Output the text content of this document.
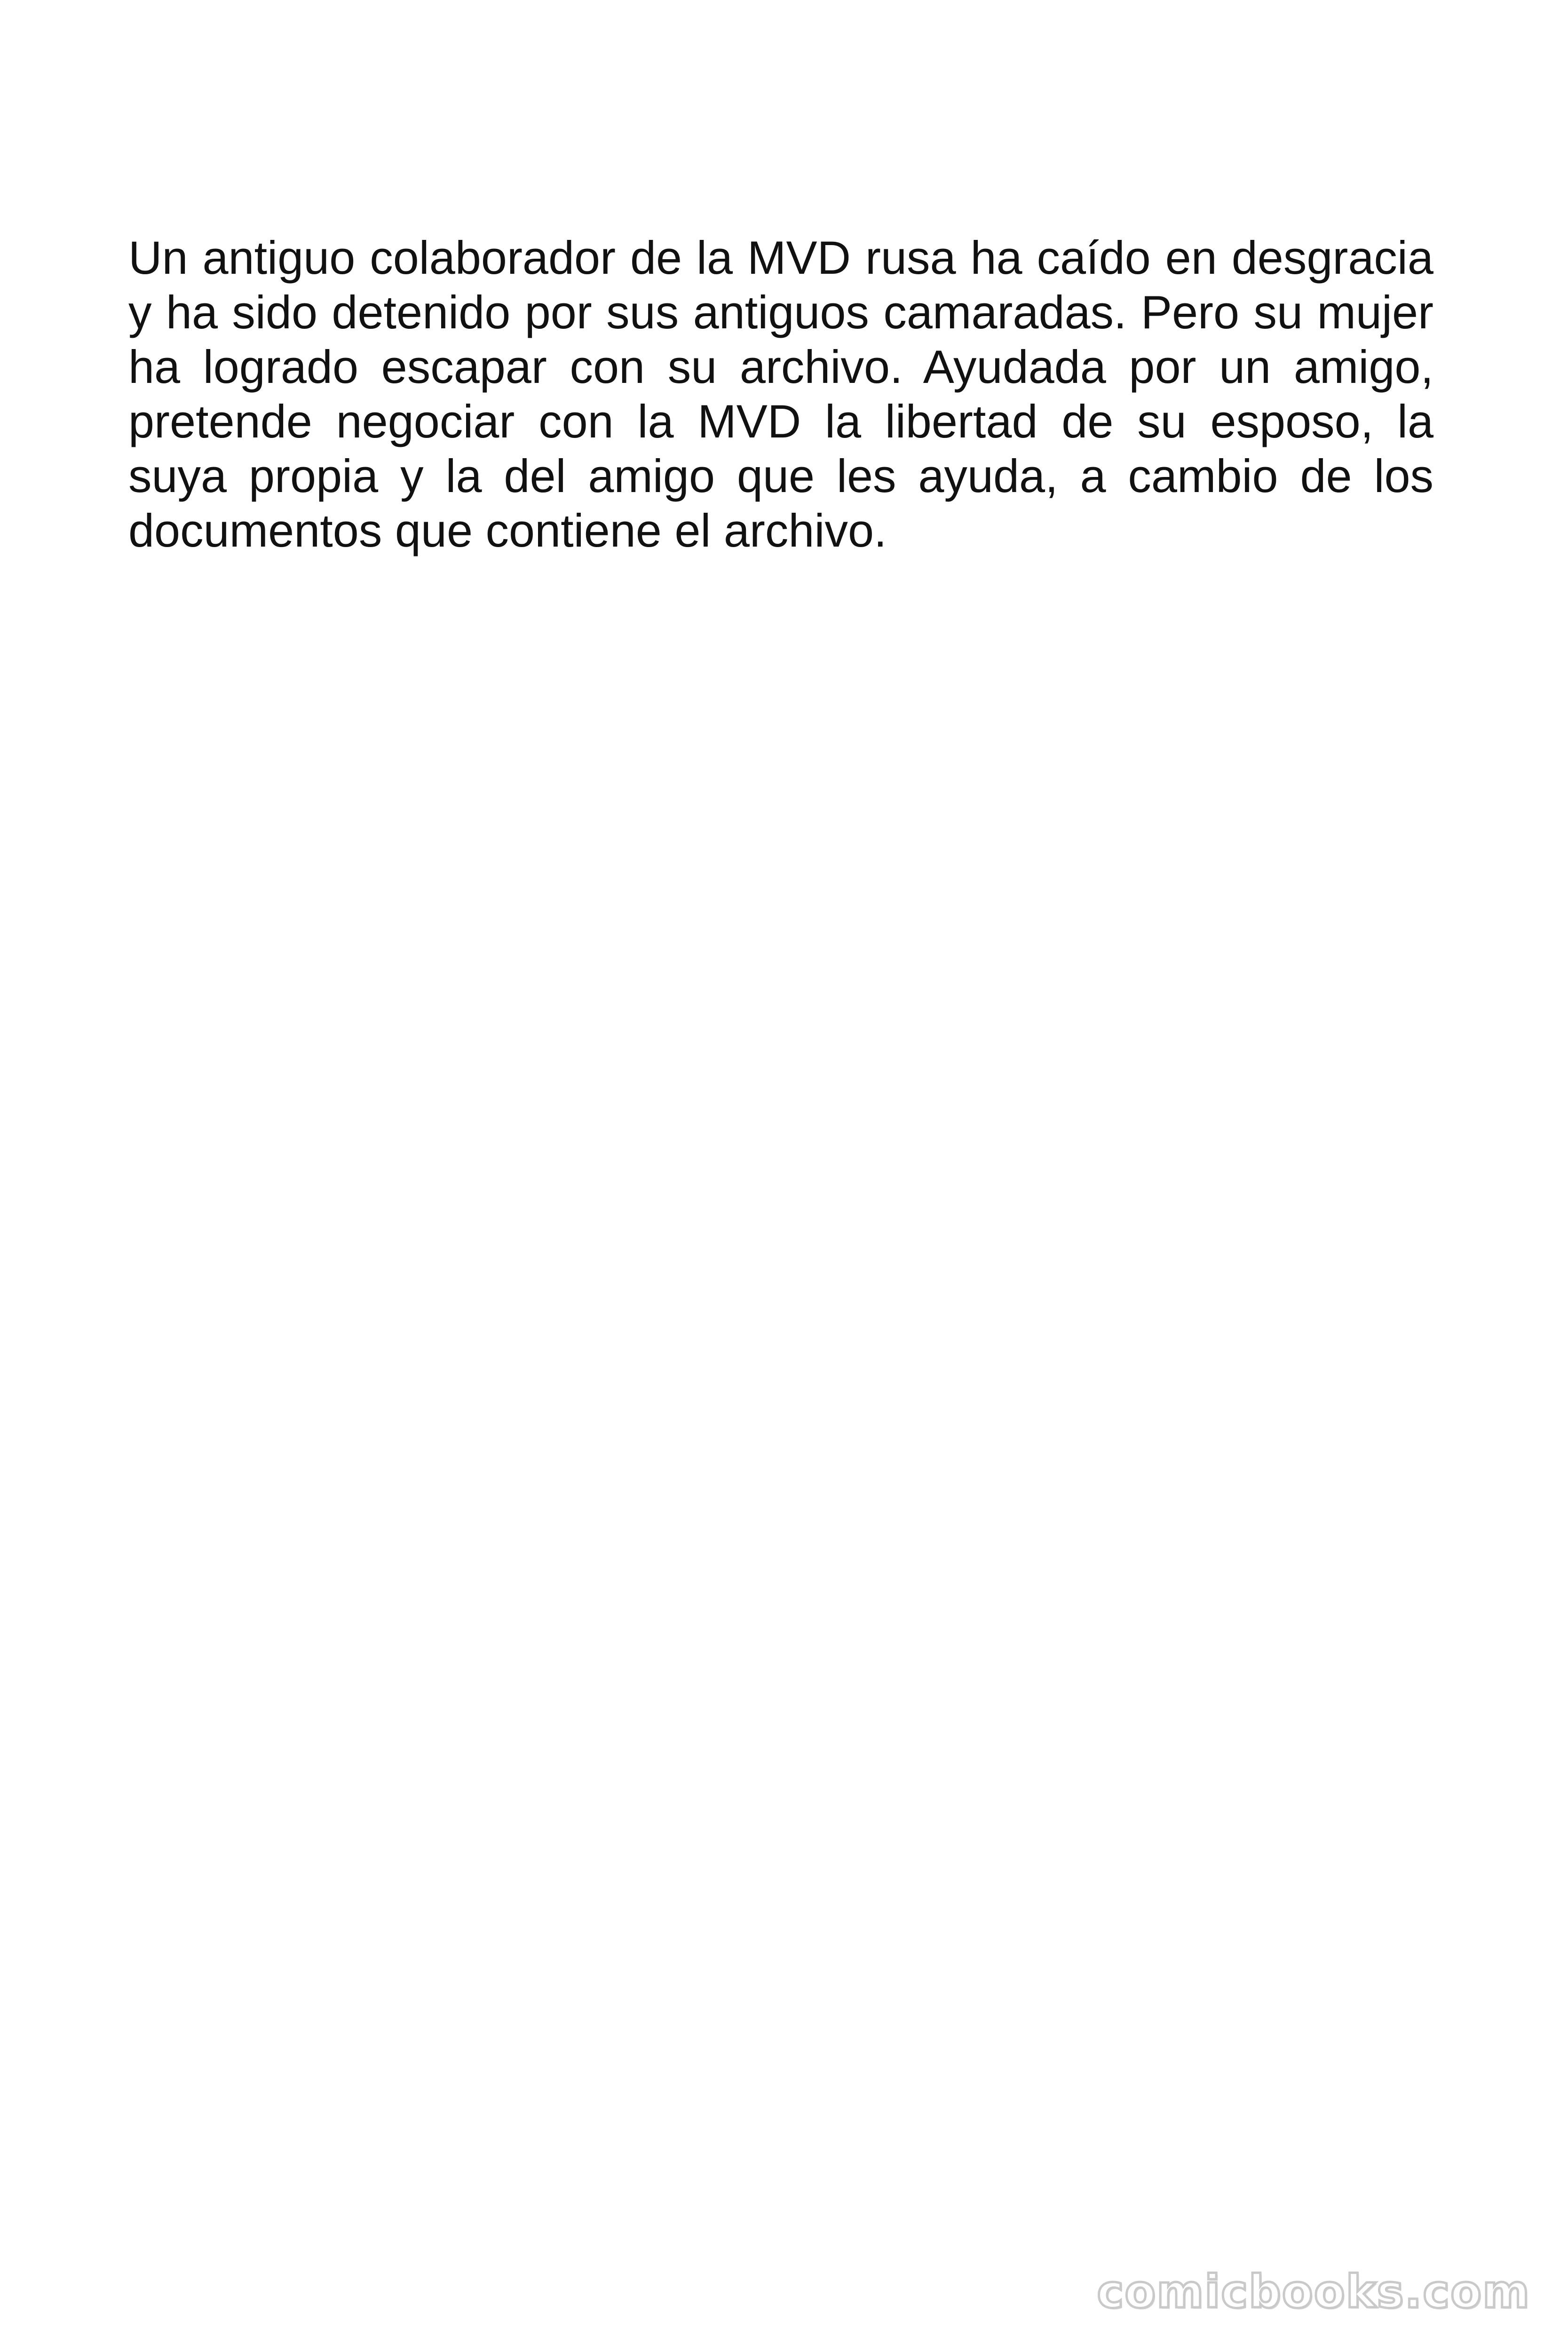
Un antiguo colaborador de la MVD rusa ha caído en desgracia y ha sido detenido por sus antiguos camaradas. Pero su mujer ha logrado escapar con su archivo. Ayudada por un amigo, pretende negociar con la MVD la libertad de su esposo, la suya propia y la del amigo que les ayuda, a cambio de los documentos que contiene el archivo.

comicbooks.com
